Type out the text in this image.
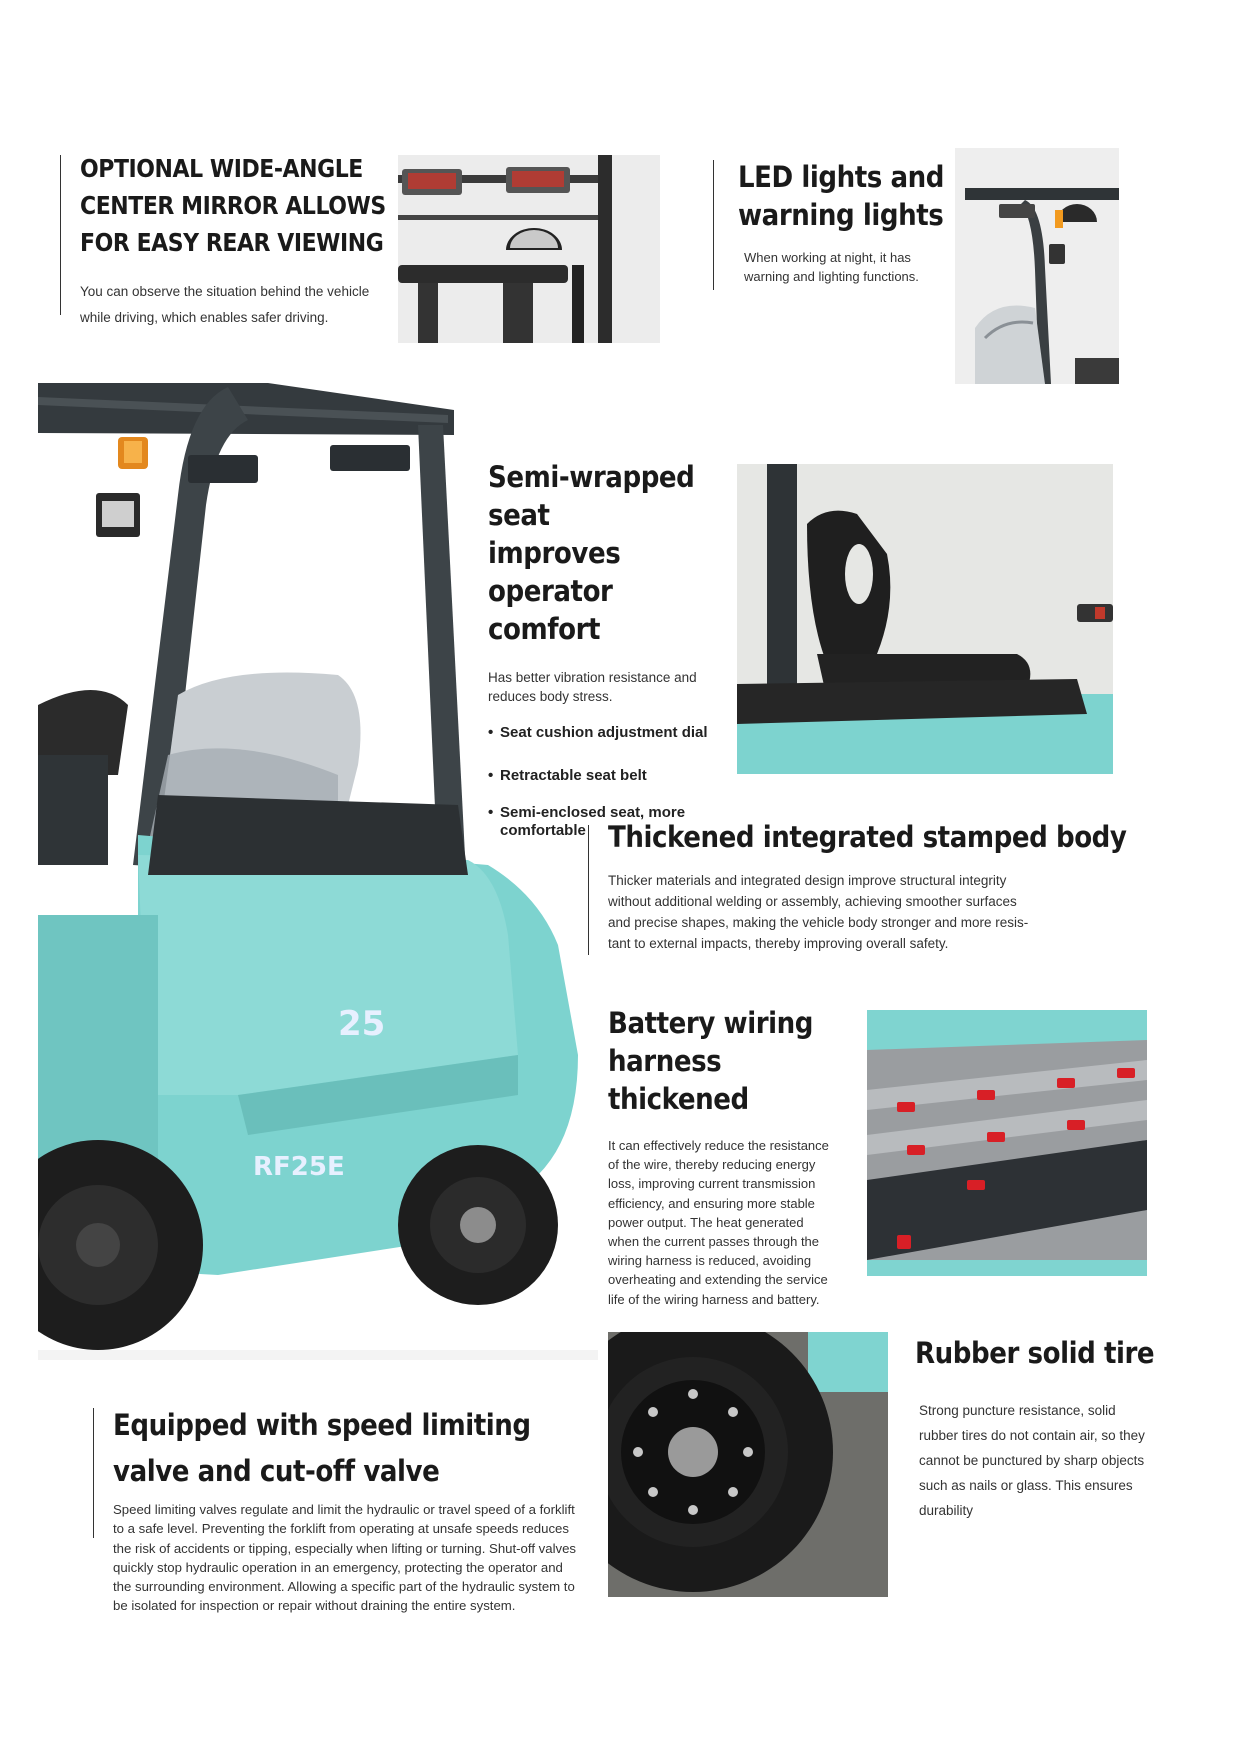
OPTIONAL WIDE-ANGLE
CENTER MIRROR ALLOWS
FOR EASY REAR VIEWING
You can observe the situation behind the vehicle
while driving, which enables safer driving.
LED lights and
warning lights
When working at night, it has
warning and lighting functions.
25
RF25E
Semi-wrapped seat
improves operator
comfort
Has better vibration resistance and
reduces body stress.
• Seat cushion adjustment dial
• Retractable seat belt
• Semi-enclosed seat, more comfortable Thickened integrated stamped body
Thicker materials and integrated design improve structural integrity
without additional welding or assembly, achieving smoother surfaces
and precise shapes, making the vehicle body stronger and more resis-
tant to external impacts, thereby improving overall safety.
Battery wiring
harness thickened
It can effectively reduce the resistance
of the wire, thereby reducing energy
loss, improving current transmission
efficiency, and ensuring more stable
power output. The heat generated
when the current passes through the
wiring harness is reduced, avoiding
overheating and extending the service
life of the wiring harness and battery.
Rubber solid tire
Strong puncture resistance, solid
rubber tires do not contain air, so they
cannot be punctured by sharp objects
such as nails or glass. This ensures
durability
Equipped with speed limiting
valve and cut-off valve
Speed limiting valves regulate and limit the hydraulic or travel speed of a forklift
to a safe level. Preventing the forklift from operating at unsafe speeds reduces
the risk of accidents or tipping, especially when lifting or turning. Shut-off valves
quickly stop hydraulic operation in an emergency, protecting the operator and
the surrounding environment. Allowing a specific part of the hydraulic system to
be isolated for inspection or repair without draining the entire system.
